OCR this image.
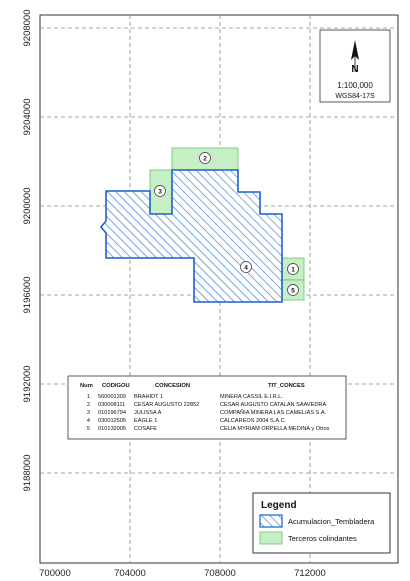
700000	704000	708000	712000
9208000
9204000
9200000
9196000
9192000
9188000
2
3
4	1
5
N
1:100,000
WGS84-17S
Num CODIGOU	CONCESION	TIT_CONCES
1 560001309 BRAHIDT 1	MINERA CASSIL E.I.R.L.
2 030008111 CESAR AUGUSTO 22852	CESAR AUGUSTO CATALAN SAAVEDRA
3 010196794 JULISSA A	COMPAÑIA MINERA LAS CAMELIAS S.A.
4 030012505 EAGLE 1	CALCAREOS 2004 S.A.C.
5 010132005 COSAFE	CELIA MYRIAM ORPELLA MEDINA y Otros
Legend
Acumulacion_Tembladera
Terceros colindantes
